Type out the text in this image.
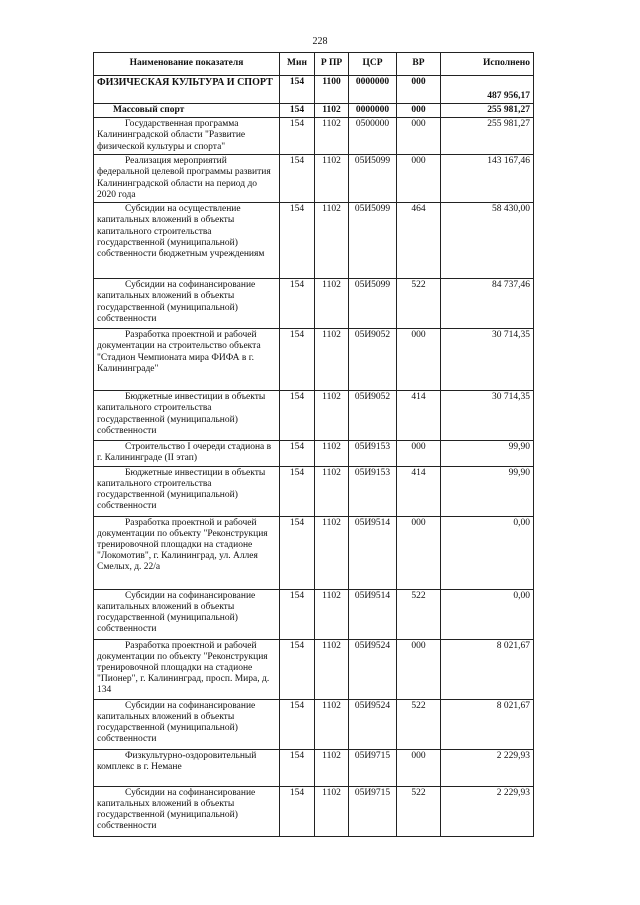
228
Наименование показателя	Мин	Р ПР	ЦСР	ВР	Исполнено
ФИЗИЧЕСКАЯ КУЛЬТУРА И СПОРТ	154	1100	0000000	000	487 956,17
Массовый спорт	154	1102	0000000	000	255 981,27
Государственная программа Калининградской области "Развитие физической культуры и спорта"	154	1102	0500000	000	255 981,27
Реализация мероприятий федеральной целевой программы развития Калининградской области на период до 2020 года	154	1102	05И5099	000	143 167,46
Субсидии на осуществление капитальных вложений в объекты капитального строительства государственной (муниципальной) собственности бюджетным учреждениям	154	1102	05И5099	464	58 430,00
Субсидии на софинансирование капитальных вложений в объекты государственной (муниципальной) собственности	154	1102	05И5099	522	84 737,46
Разработка проектной и рабочей документации на строительство объекта "Стадион Чемпионата мира ФИФА в г. Калининграде"	154	1102	05И9052	000	30 714,35
Бюджетные инвестиции в объекты капитального строительства государственной (муниципальной) собственности	154	1102	05И9052	414	30 714,35
Строительство I очереди стадиона в г. Калининграде (II этап)	154	1102	05И9153	000	99,90
Бюджетные инвестиции в объекты капитального строительства государственной (муниципальной) собственности	154	1102	05И9153	414	99,90
Разработка проектной и рабочей документации по объекту "Реконструкция тренировочной площадки на стадионе "Локомотив", г. Калининград, ул. Аллея Смелых, д. 22/а	154	1102	05И9514	000	0,00
Субсидии на софинансирование капитальных вложений в объекты государственной (муниципальной) собственности	154	1102	05И9514	522	0,00
Разработка проектной и рабочей документации по объекту "Реконструкция тренировочной площадки на стадионе "Пионер", г. Калининград, просп. Мира, д. 134	154	1102	05И9524	000	8 021,67
Субсидии на софинансирование капитальных вложений в объекты государственной (муниципальной) собственности	154	1102	05И9524	522	8 021,67
Физкультурно-оздоровительный комплекс в г. Немане	154	1102	05И9715	000	2 229,93
Субсидии на софинансирование капитальных вложений в объекты государственной (муниципальной) собственности	154	1102	05И9715	522	2 229,93
